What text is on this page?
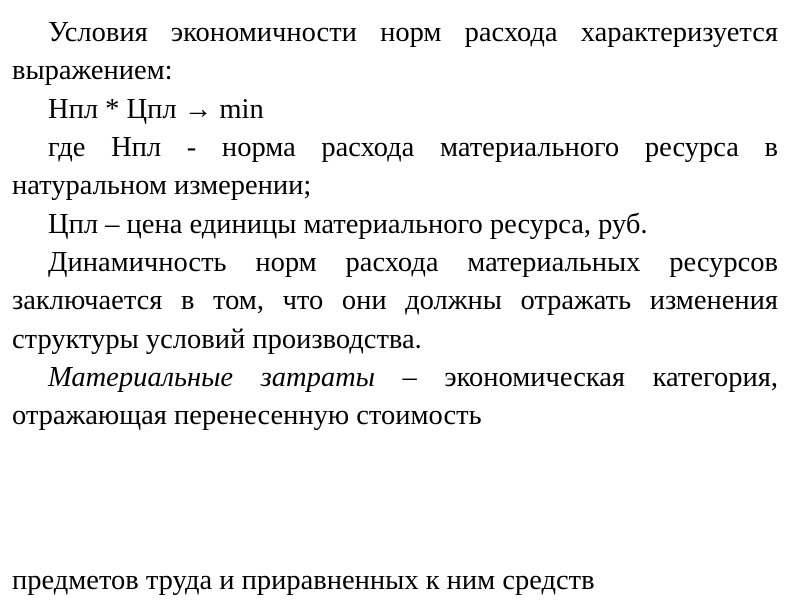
Условия экономичности норм расхода характеризуется выражением:

Нпл * Цпл → min

где Нпл - норма расхода материального ресурса в натуральном измерении;

Цпл – цена единицы материального ресурса, руб.

Динамичность норм расхода материальных ресурсов заключается в том, что они должны отражать изменения структуры условий производства.

Материальные затраты – экономическая категория, отражающая перенесенную стоимость

предметов труда и приравненных к ним средств
